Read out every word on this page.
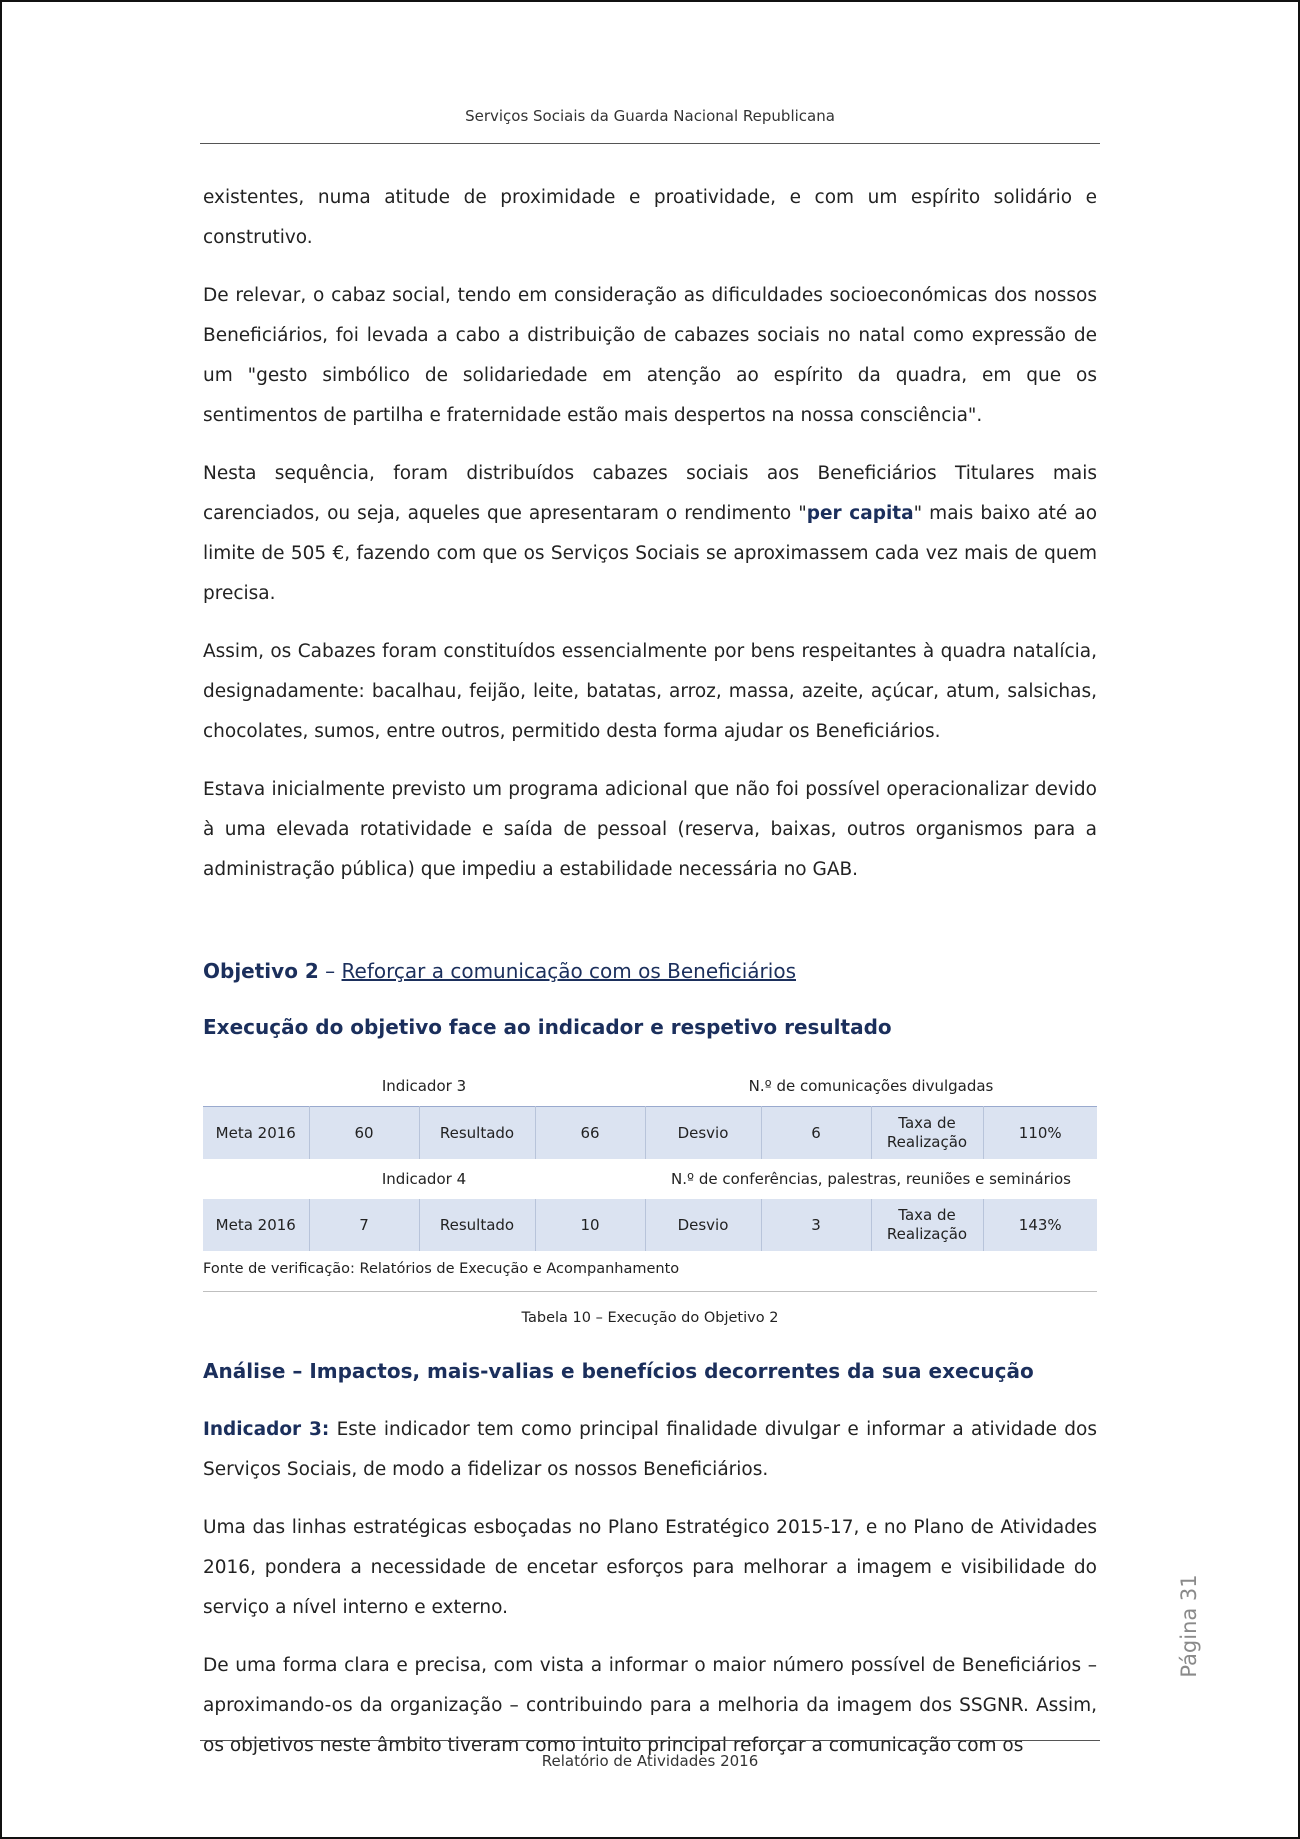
Serviços Sociais da Guarda Nacional Republicana

existentes, numa atitude de proximidade e proatividade, e com um espírito solidário e construtivo.

De relevar, o cabaz social, tendo em consideração as dificuldades socioeconómicas dos nossos Beneficiários, foi levada a cabo a distribuição de cabazes sociais no natal como expressão de um "gesto simbólico de solidariedade em atenção ao espírito da quadra, em que os sentimentos de partilha e fraternidade estão mais despertos na nossa consciência".

Nesta sequência, foram distribuídos cabazes sociais aos Beneficiários Titulares mais carenciados, ou seja, aqueles que apresentaram o rendimento "per capita" mais baixo até ao limite de 505 €, fazendo com que os Serviços Sociais se aproximassem cada vez mais de quem precisa.

Assim, os Cabazes foram constituídos essencialmente por bens respeitantes à quadra natalícia, designadamente: bacalhau, feijão, leite, batatas, arroz, massa, azeite, açúcar, atum, salsichas, chocolates, sumos, entre outros, permitido desta forma ajudar os Beneficiários.

Estava inicialmente previsto um programa adicional que não foi possível operacionalizar devido à uma elevada rotatividade e saída de pessoal (reserva, baixas, outros organismos para a administração pública) que impediu a estabilidade necessária no GAB.

Objetivo 2 – Reforçar a comunicação com os Beneficiários
Execução do objetivo face ao indicador e respetivo resultado
Indicador 3				N.º de comunicações divulgadas			
Meta 2016	60	Resultado	66	Desvio	6	Taxa de Realização	110%
Indicador 4				N.º de conferências, palestras, reuniões e seminários			
Meta 2016	7	Resultado	10	Desvio	3	Taxa de Realização	143%
Fonte de verificação: Relatórios de Execução e Acompanhamento
Tabela 10 – Execução do Objetivo 2
Análise – Impactos, mais-valias e benefícios decorrentes da sua execução

Indicador 3: Este indicador tem como principal finalidade divulgar e informar a atividade dos Serviços Sociais, de modo a fidelizar os nossos Beneficiários.

Uma das linhas estratégicas esboçadas no Plano Estratégico 2015-17, e no Plano de Atividades 2016, pondera a necessidade de encetar esforços para melhorar a imagem e visibilidade do serviço a nível interno e externo.

De uma forma clara e precisa, com vista a informar o maior número possível de Beneficiários – aproximando-os da organização – contribuindo para a melhoria da imagem dos SSGNR. Assim, os objetivos neste âmbito tiveram como intuito principal reforçar a comunicação com os

Página 31
Relatório de Atividades 2016
